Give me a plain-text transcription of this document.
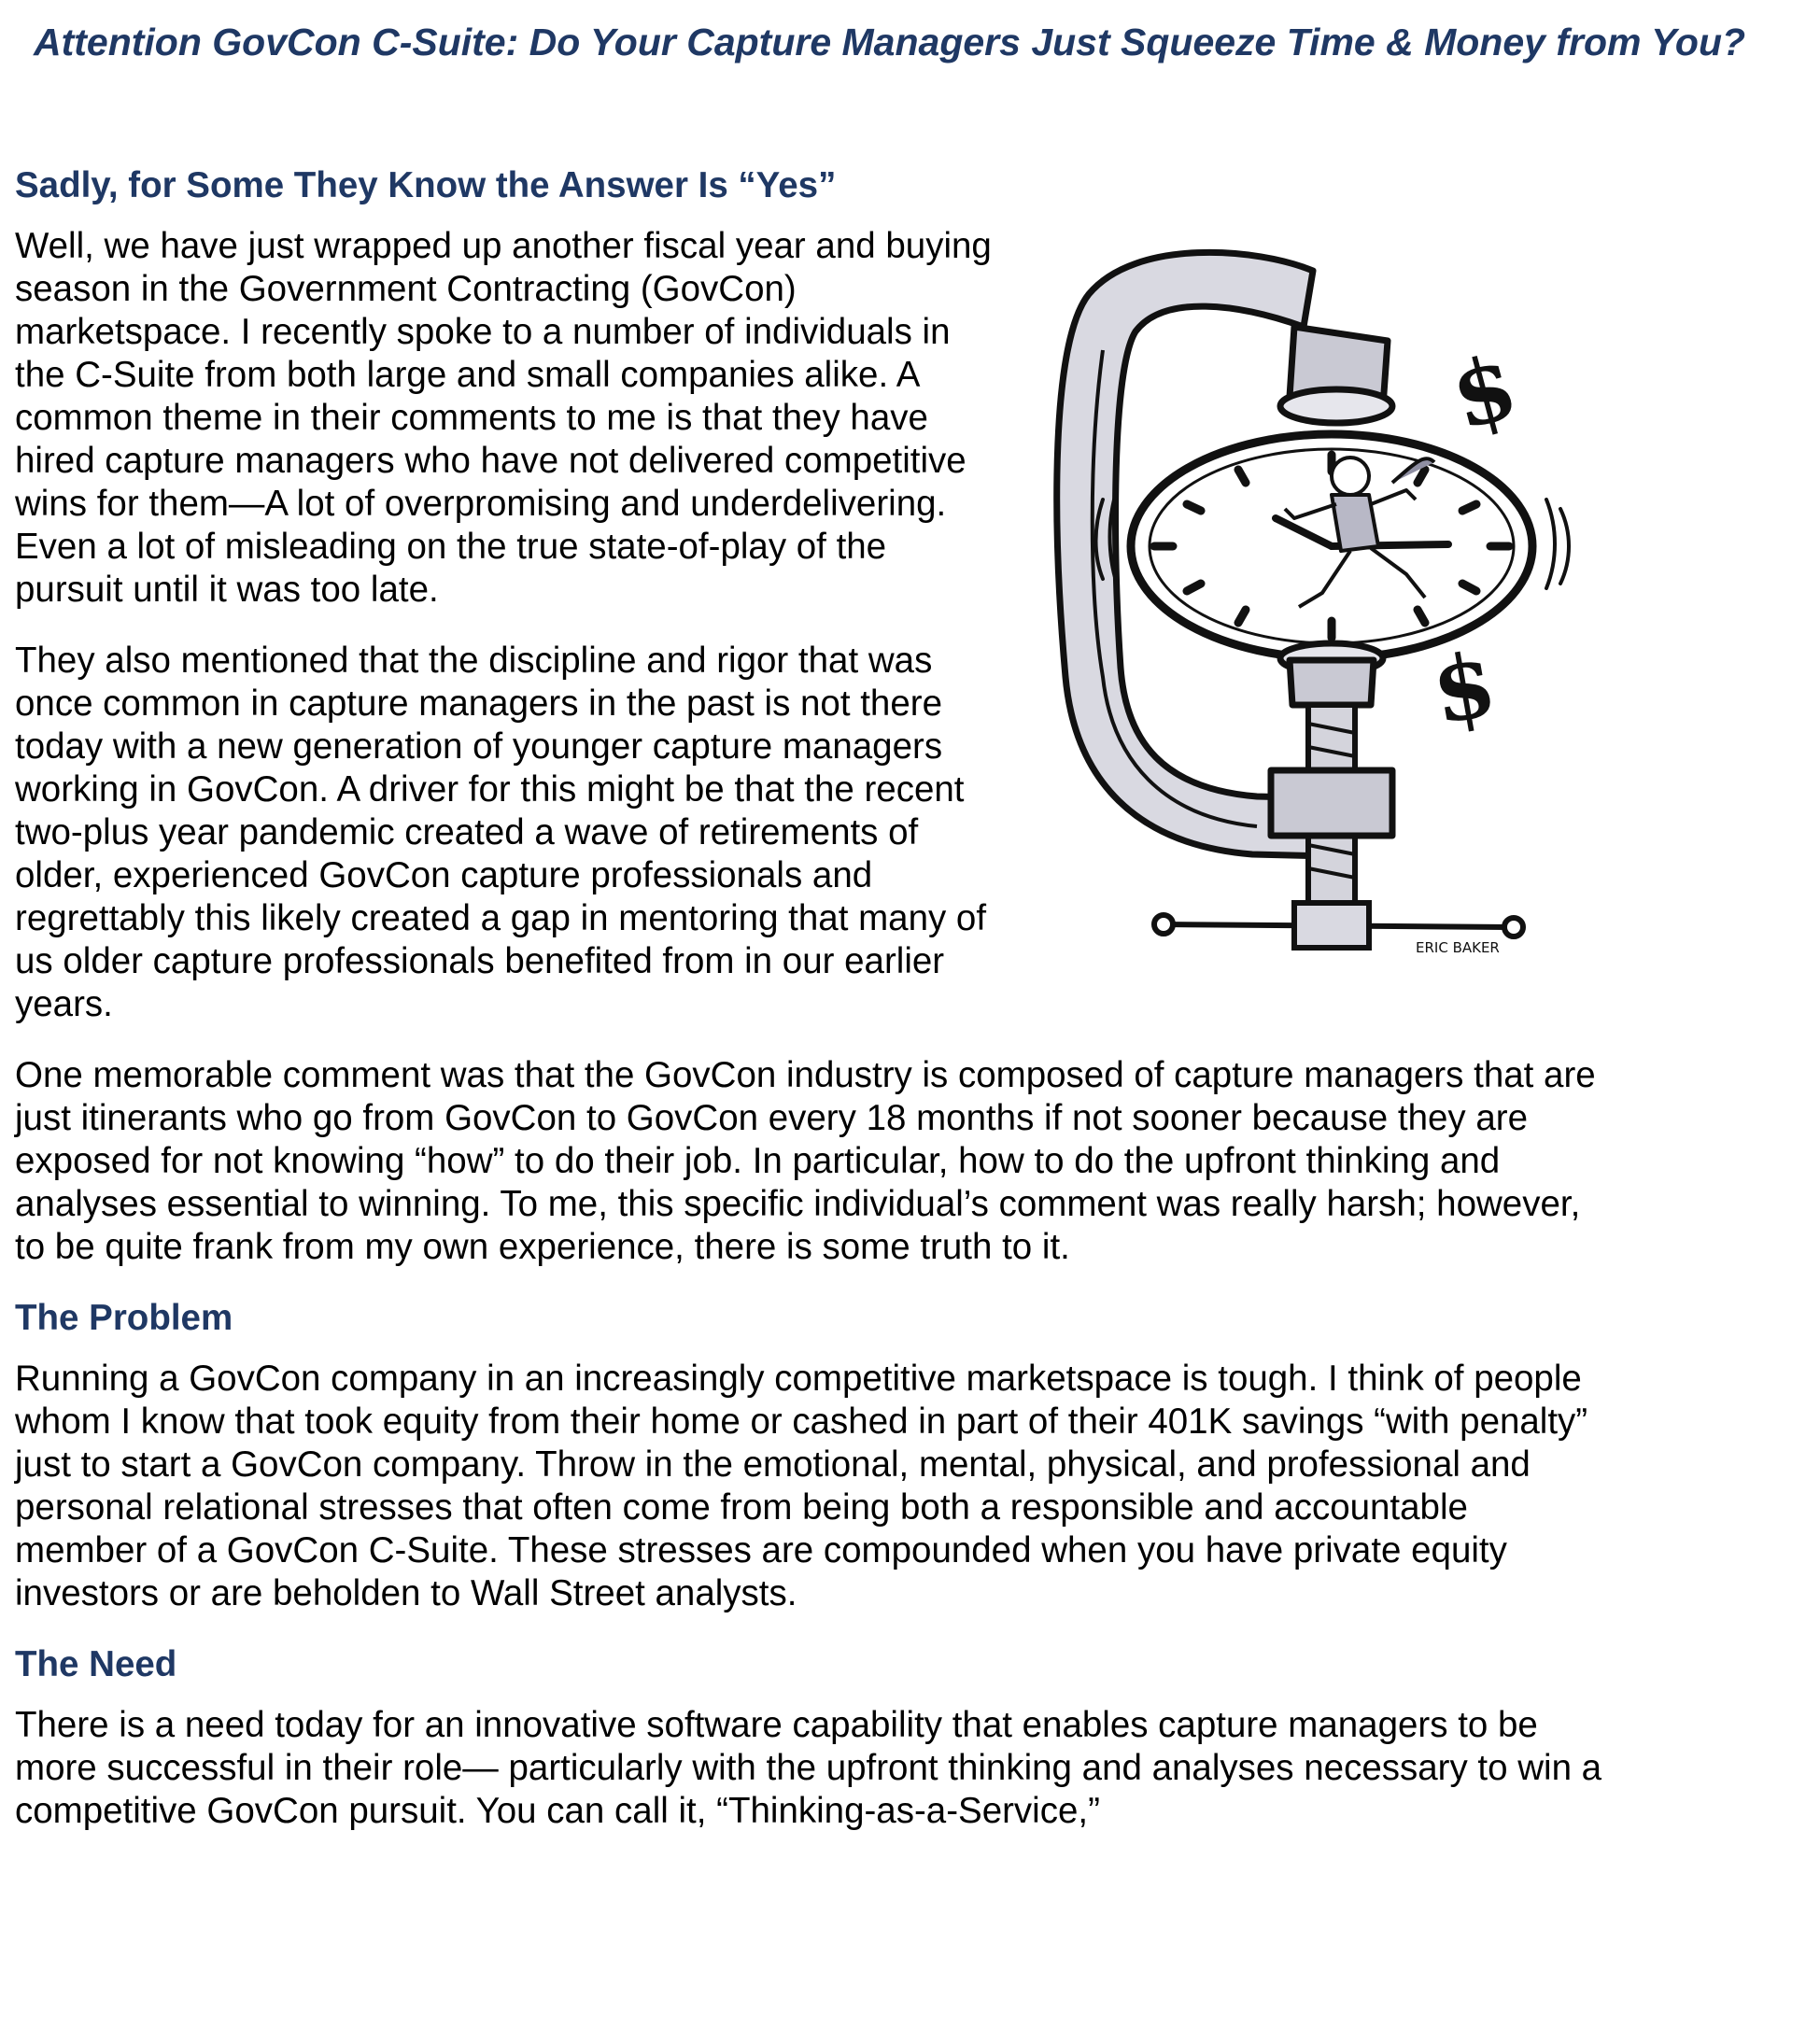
Attention GovCon C-Suite: Do Your Capture Managers Just Squeeze Time & Money from You?
Sadly, for Some They Know the Answer Is “Yes”
$
$
ERIC BAKER

Well, we have just wrapped up another fiscal year and buying season in the Government Contracting (GovCon) marketspace. I recently spoke to a number of individuals in the C-Suite from both large and small companies alike. A common theme in their comments to me is that they have hired capture managers who have not delivered competitive wins for them—A lot of overpromising and underdelivering. Even a lot of misleading on the true state-of-play of the pursuit until it was too late.

They also mentioned that the discipline and rigor that was once common in capture managers in the past is not there today with a new generation of younger capture managers working in GovCon. A driver for this might be that the recent two-plus year pandemic created a wave of retirements of older, experienced GovCon capture professionals and regrettably this likely created a gap in mentoring that many of us older capture professionals benefited from in our earlier years.

One memorable comment was that the GovCon industry is composed of capture managers that are just itinerants who go from GovCon to GovCon every 18 months if not sooner because they are exposed for not knowing “how” to do their job. In particular, how to do the upfront thinking and analyses essential to winning. To me, this specific individual’s comment was really harsh; however, to be quite frank from my own experience, there is some truth to it.

The Problem

Running a GovCon company in an increasingly competitive marketspace is tough. I think of people whom I know that took equity from their home or cashed in part of their 401K savings “with penalty” just to start a GovCon company. Throw in the emotional, mental, physical, and professional and personal relational stresses that often come from being both a responsible and accountable member of a GovCon C-Suite. These stresses are compounded when you have private equity investors or are beholden to Wall Street analysts.

The Need

There is a need today for an innovative software capability that enables capture managers to be more successful in their role— particularly with the upfront thinking and analyses necessary to win a competitive GovCon pursuit. You can call it, “Thinking-as-a-Service,”
